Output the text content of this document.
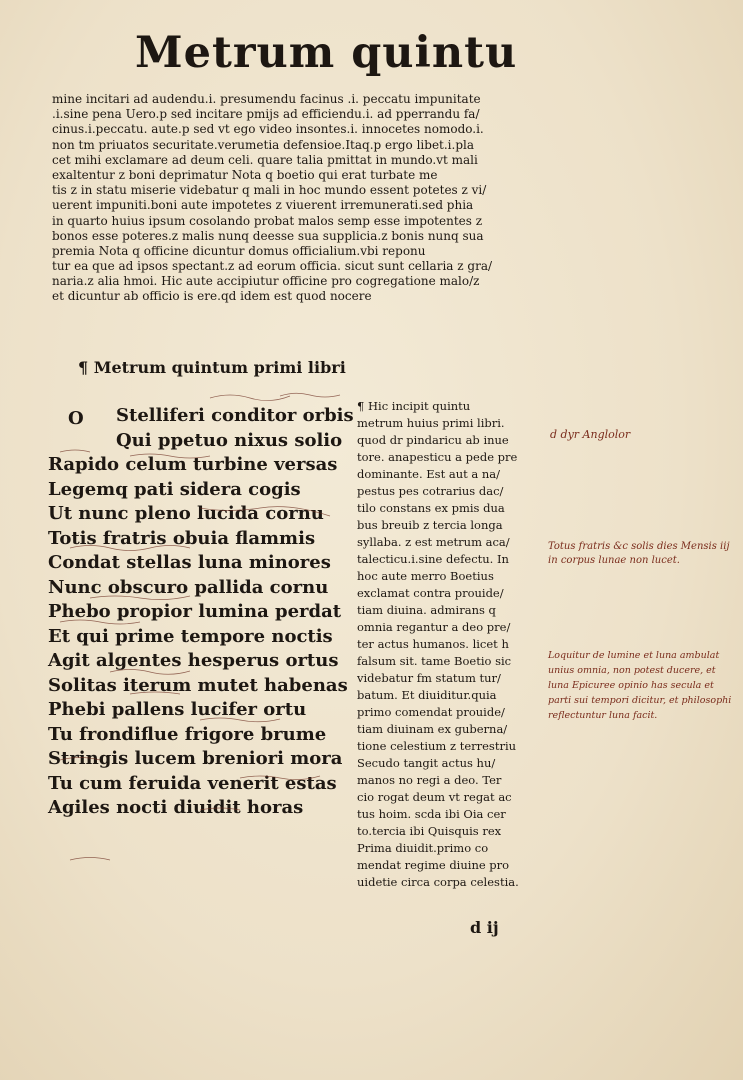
Metrum quintu
mine incitari ad audendu.i. presumendu facinus .i. peccatu impunitate
.i.sine pena Uero.p sed incitare pmijs ad efficiendu.i. ad pperrandu fa/
cinus.i.peccatu. aute.p sed vt ego video insontes.i. innocetes nomodo.i.
non tm priuatos securitate.verumetia defensioe.Itaq.p ergo libet.i.pla
cet mihi exclamare ad deum celi. quare talia pmittat in mundo.vt mali
exaltentur z boni deprimatur Nota q boetio qui erat turbate me
tis z in statu miserie videbatur q mali in hoc mundo essent potetes z vi/
uerent impuniti.boni aute impotetes z viuerent irremunerati.sed phia
in quarto huius ipsum cosolando probat malos semp esse impotentes z
bonos esse poteres.z malis nunq deesse sua supplicia.z bonis nunq sua
premia Nota q officine dicuntur domus officialium.vbi reponu
tur ea que ad ipsos spectant.z ad eorum officia. sicut sunt cellaria z gra/
naria.z alia hmoi. Hic aute accipiutur officine pro cogregatione malo/z
et dicuntur ab officio is ere.qd idem est quod nocere
¶ Metrum quintum primi libri
O	Stelliferi conditor orbis
Qui ppetuo nixus solio
Rapido celum turbine versas
Legemq pati sidera cogis
Ut nunc pleno lucida cornu
Totis fratris obuia flammis
Condat stellas luna minores
Nunc obscuro pallida cornu
Phebo propior lumina perdat
Et qui prime tempore noctis
Agit algentes hesperus ortus
Solitas iterum mutet habenas
Phebi pallens lucifer ortu
Tu frondiflue frigore brume
Stringis lucem breniori mora
Tu cum feruida venerit estas
Agiles nocti diuidit horas
¶ Hic incipit quintu
metrum huius primi libri.
quod dr pindaricu ab inue
tore. anapesticu a pede pre
dominante. Est aut a na/
pestus pes cotrarius dac/
tilo constans ex pmis dua
bus breuib z tercia longa
syllaba. z est metrum aca/
talecticu.i.sine defectu. In
hoc aute merro Boetius
exclamat contra prouide/
tiam diuina. admirans q
omnia regantur a deo pre/
ter actus humanos. licet h
falsum sit. tame Boetio sic
videbatur fm statum tur/
batum. Et diuiditur.quia
primo comendat prouide/
tiam diuinam ex guberna/
tione celestium z terrestriu
Secudo tangit actus hu/
manos no regi a deo. Ter
cio rogat deum vt regat ac
tus hoim. scda ibi Oia cer
to.tercia ibi Quisquis rex
Prima diuidit.primo co
mendat regime diuine pro
uidetie circa corpa celestia.
d ij
d dyr Anglolor
Totus fratris &c solis dies Mensis iij in corpus lunae non lucet.
Loquitur de lumine et luna ambulat unius omnia, non potest ducere, et luna Epicuree opinio has secula et parti sui tempori dicitur, et philosophi reflectuntur luna facit.
